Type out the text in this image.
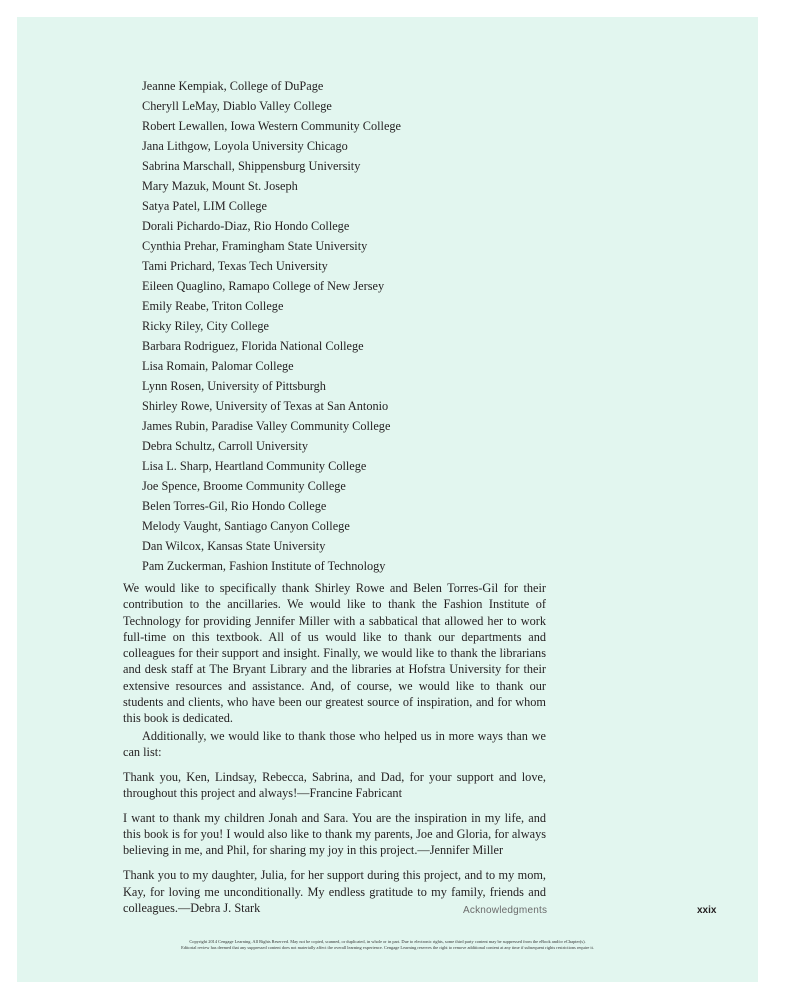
Jeanne Kempiak, College of DuPage
Cheryll LeMay, Diablo Valley College
Robert Lewallen, Iowa Western Community College
Jana Lithgow, Loyola University Chicago
Sabrina Marschall, Shippensburg University
Mary Mazuk, Mount St. Joseph
Satya Patel, LIM College
Dorali Pichardo-Diaz, Rio Hondo College
Cynthia Prehar, Framingham State University
Tami Prichard, Texas Tech University
Eileen Quaglino, Ramapo College of New Jersey
Emily Reabe, Triton College
Ricky Riley, City College
Barbara Rodriguez, Florida National College
Lisa Romain, Palomar College
Lynn Rosen, University of Pittsburgh
Shirley Rowe, University of Texas at San Antonio
James Rubin, Paradise Valley Community College
Debra Schultz, Carroll University
Lisa L. Sharp, Heartland Community College
Joe Spence, Broome Community College
Belen Torres-Gil, Rio Hondo College
Melody Vaught, Santiago Canyon College
Dan Wilcox, Kansas State University
Pam Zuckerman, Fashion Institute of Technology

We would like to specifically thank Shirley Rowe and Belen Torres-Gil for their contribution to the ancillaries. We would like to thank the Fashion Institute of Technology for providing Jennifer Miller with a sabbatical that allowed her to work full-time on this textbook. All of us would like to thank our departments and colleagues for their support and insight. Finally, we would like to thank the librarians and desk staff at The Bryant Library and the libraries at Hofstra University for their extensive resources and assistance. And, of course, we would like to thank our students and clients, who have been our greatest source of inspiration, and for whom this book is dedicated.

Additionally, we would like to thank those who helped us in more ways than we can list:

Thank you, Ken, Lindsay, Rebecca, Sabrina, and Dad, for your support and love, throughout this project and always!—Francine Fabricant

I want to thank my children Jonah and Sara. You are the inspiration in my life, and this book is for you! I would also like to thank my parents, Joe and Gloria, for always believing in me, and Phil, for sharing my joy in this project.—Jennifer Miller

Thank you to my daughter, Julia, for her support during this project, and to my mom, Kay, for loving me unconditionally. My endless gratitude to my family, friends and colleagues.—Debra J. Stark	Acknowledgments	xxix
Copyright 2014 Cengage Learning. All Rights Reserved. May not be copied, scanned, or duplicated, in whole or in part. Due to electronic rights, some third party content may be suppressed from the eBook and/or eChapter(s).
Editorial review has deemed that any suppressed content does not materially affect the overall learning experience. Cengage Learning reserves the right to remove additional content at any time if subsequent rights restrictions require it.
